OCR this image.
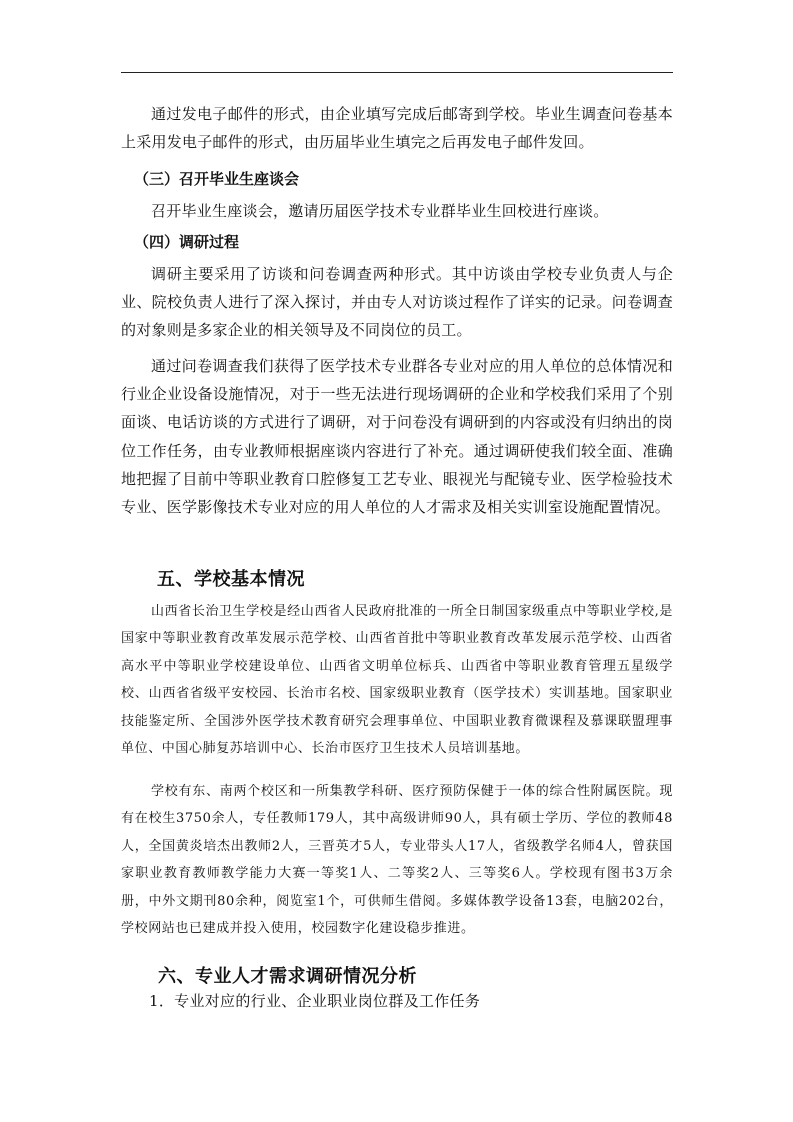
通过发电子邮件的形式，由企业填写完成后邮寄到学校。毕业生调查问卷基本上采用发电子邮件的形式，由历届毕业生填完之后再发电子邮件发回。

（三）召开毕业生座谈会

召开毕业生座谈会，邀请历届医学技术专业群毕业生回校进行座谈。

（四）调研过程

调研主要采用了访谈和问卷调查两种形式。其中访谈由学校专业负责人与企业、院校负责人进行了深入探讨，并由专人对访谈过程作了详实的记录。问卷调查的对象则是多家企业的相关领导及不同岗位的员工。

通过问卷调查我们获得了医学技术专业群各专业对应的用人单位的总体情况和行业企业设备设施情况，对于一些无法进行现场调研的企业和学校我们采用了个别面谈、电话访谈的方式进行了调研，对于问卷没有调研到的内容或没有归纳出的岗位工作任务，由专业教师根据座谈内容进行了补充。通过调研使我们较全面、准确地把握了目前中等职业教育口腔修复工艺专业、眼视光与配镜专业、医学检验技术专业、医学影像技术专业对应的用人单位的人才需求及相关实训室设施配置情况。

五、学校基本情况

山西省长治卫生学校是经山西省人民政府批准的一所全日制国家级重点中等职业学校,是国家中等职业教育改革发展示范学校、山西省首批中等职业教育改革发展示范学校、山西省高水平中等职业学校建设单位、山西省文明单位标兵、山西省中等职业教育管理五星级学校、山西省省级平安校园、长治市名校、国家级职业教育（医学技术）实训基地。国家职业技能鉴定所、全国涉外医学技术教育研究会理事单位、中国职业教育微课程及慕课联盟理事单位、中国心肺复苏培训中心、长治市医疗卫生技术人员培训基地。

学校有东、南两个校区和一所集教学科研、医疗预防保健于一体的综合性附属医院。现有在校生3750余人，专任教师179人，其中高级讲师90人，具有硕士学历、学位的教师48人，全国黄炎培杰出教师2人，三晋英才5人，专业带头人17人，省级教学名师4人，曾获国家职业教育教师教学能力大赛一等奖1人、二等奖2人、三等奖6人。学校现有图书3万余册，中外文期刊80余种，阅览室1个，可供师生借阅。多媒体教学设备13套，电脑202台，学校网站也已建成并投入使用，校园数字化建设稳步推进。

六、专业人才需求调研情况分析

1．专业对应的行业、企业职业岗位群及工作任务
